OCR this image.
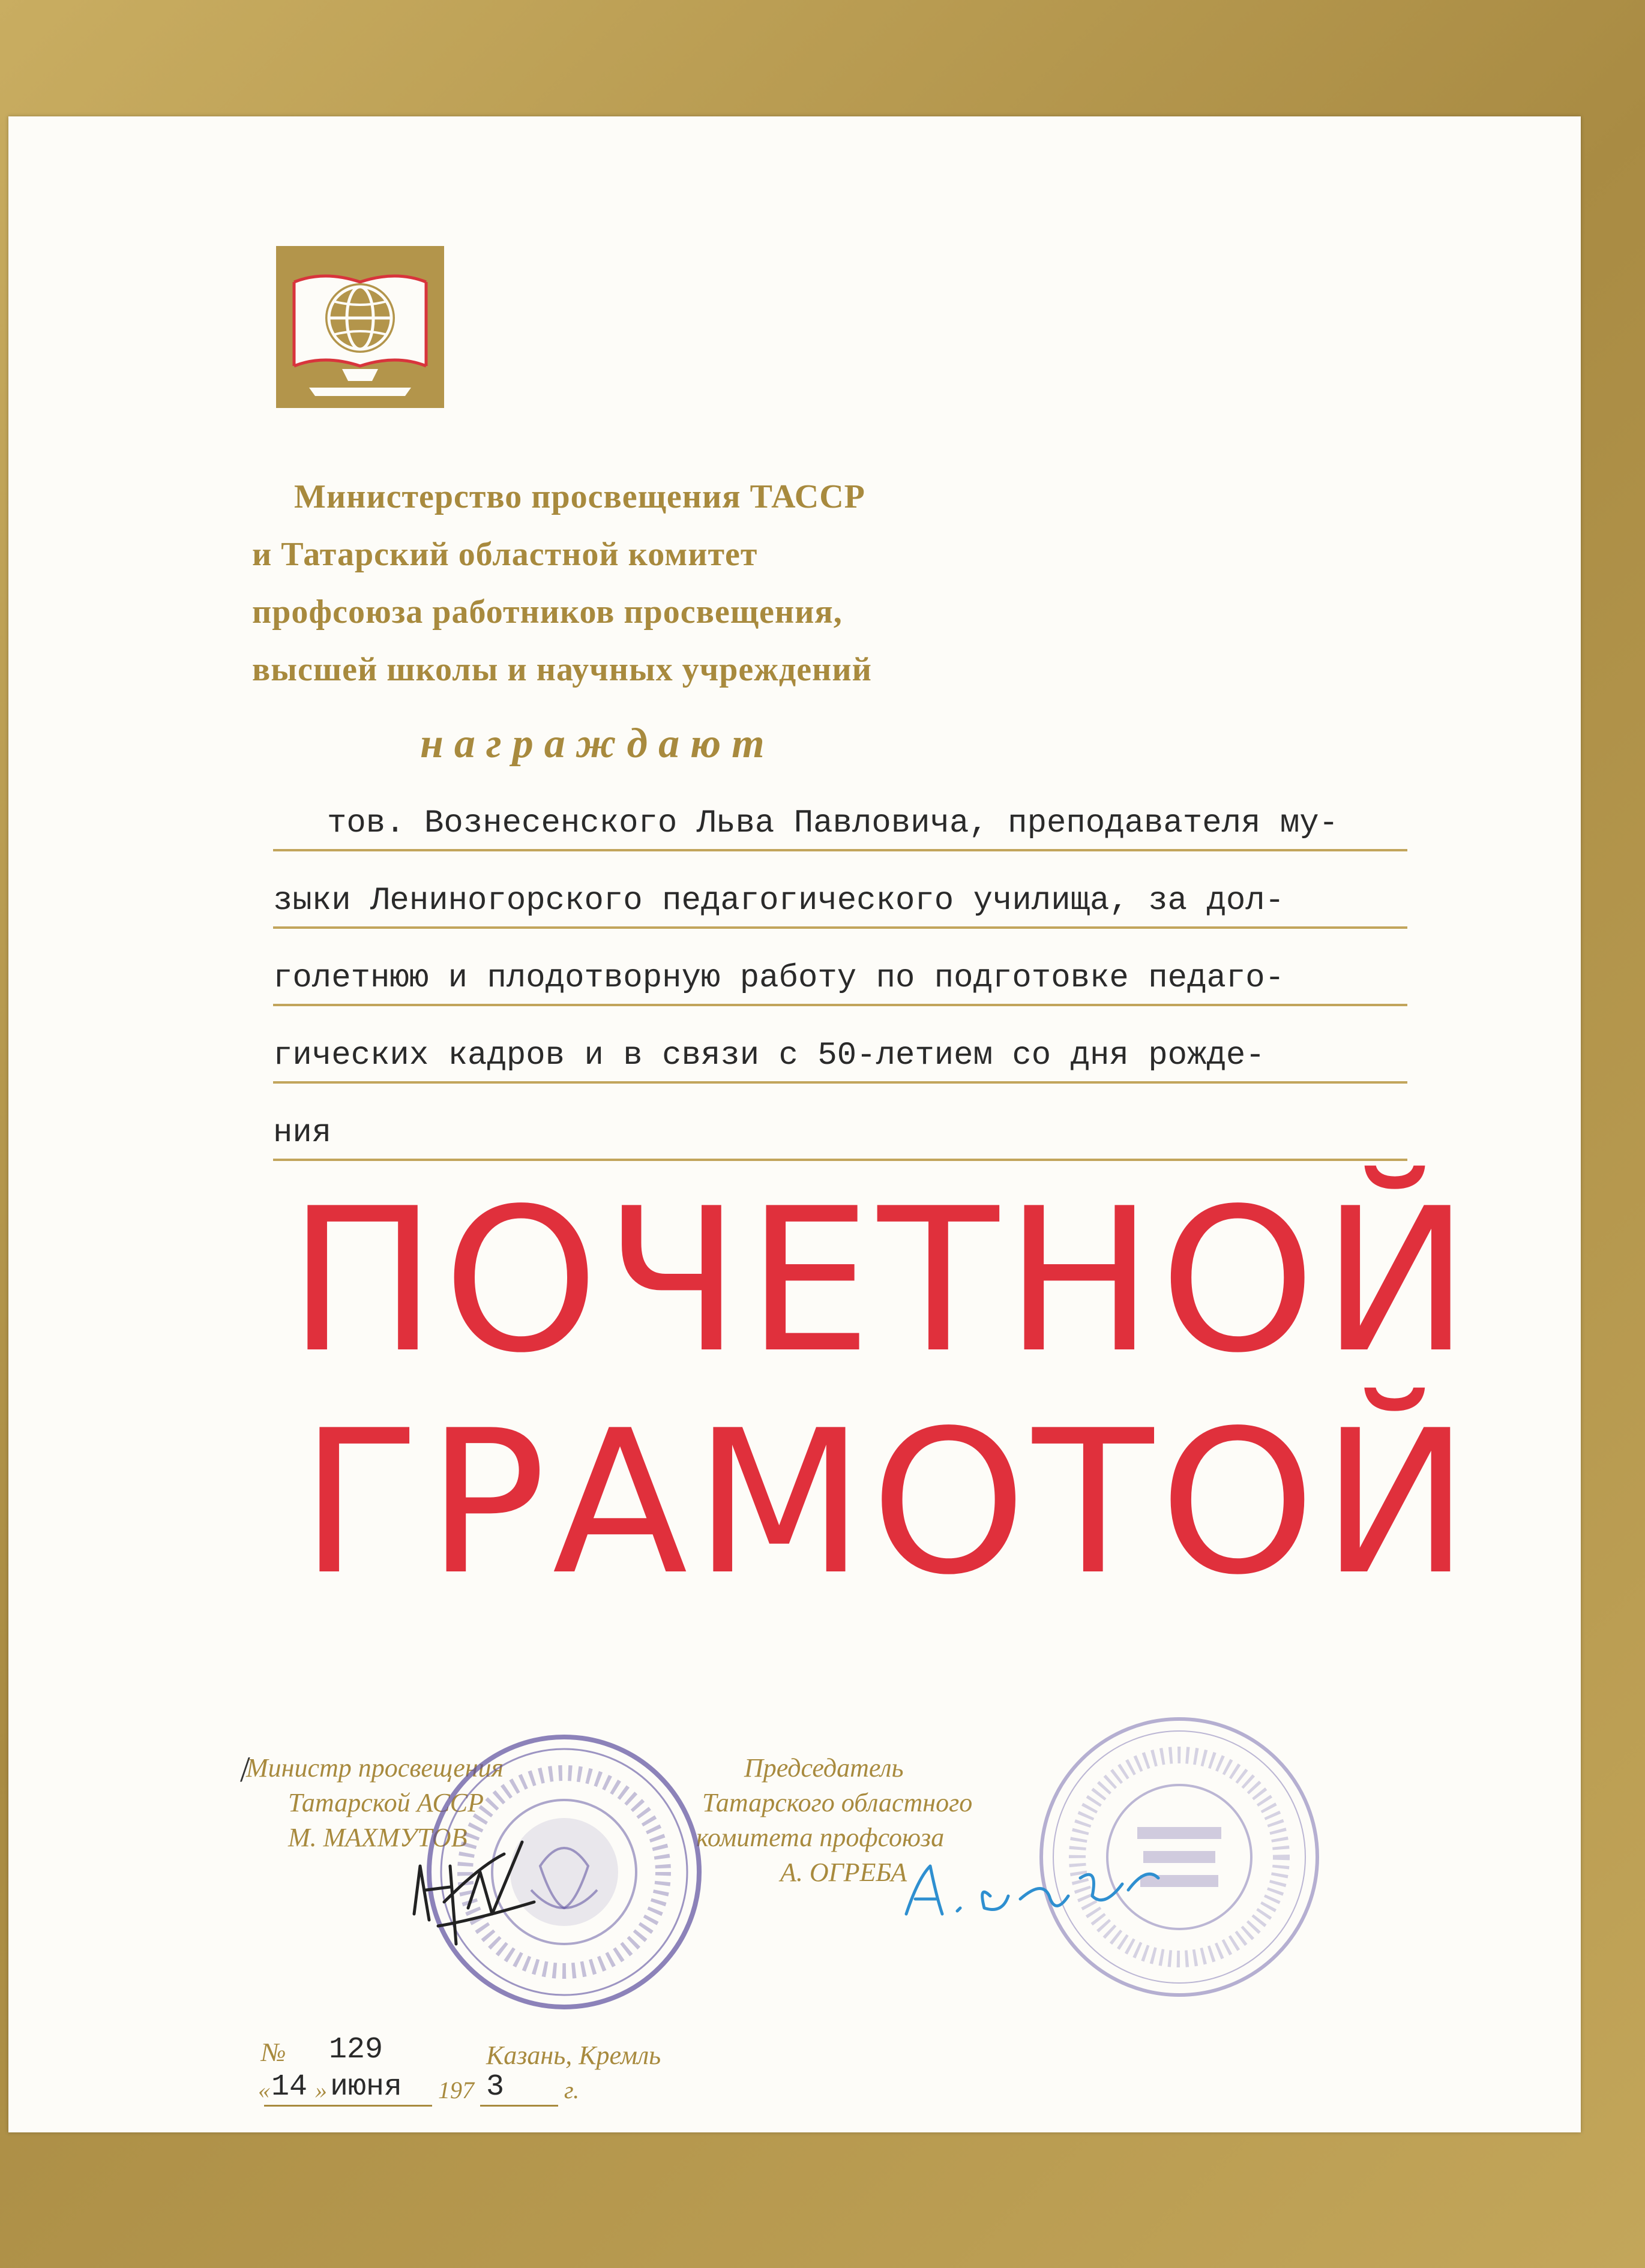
Министерство просвещения ТАССР
и Татарский областной комитет
профсоюза работников просвещения,
высшей школы и научных учреждений
награждают
тов. Вознесенского Льва Павловича, преподавателя му-
зыки Лениногорского педагогического училища, за дол-
голетнюю и плодотворную работу по подготовке педаго-
гических кадров и в связи с 50-летием со дня рожде-
ния
ПОЧЕТНОЙ
ГРАМОТОЙ
/
Министр просвещения
Татарской АССР
М. МАХМУТОВ
Председатель
Татарского областного
комитета профсоюза
А. ОГРЕБА
№ 129	Казань, Кремль
« 14 » июня 197 3 г.
